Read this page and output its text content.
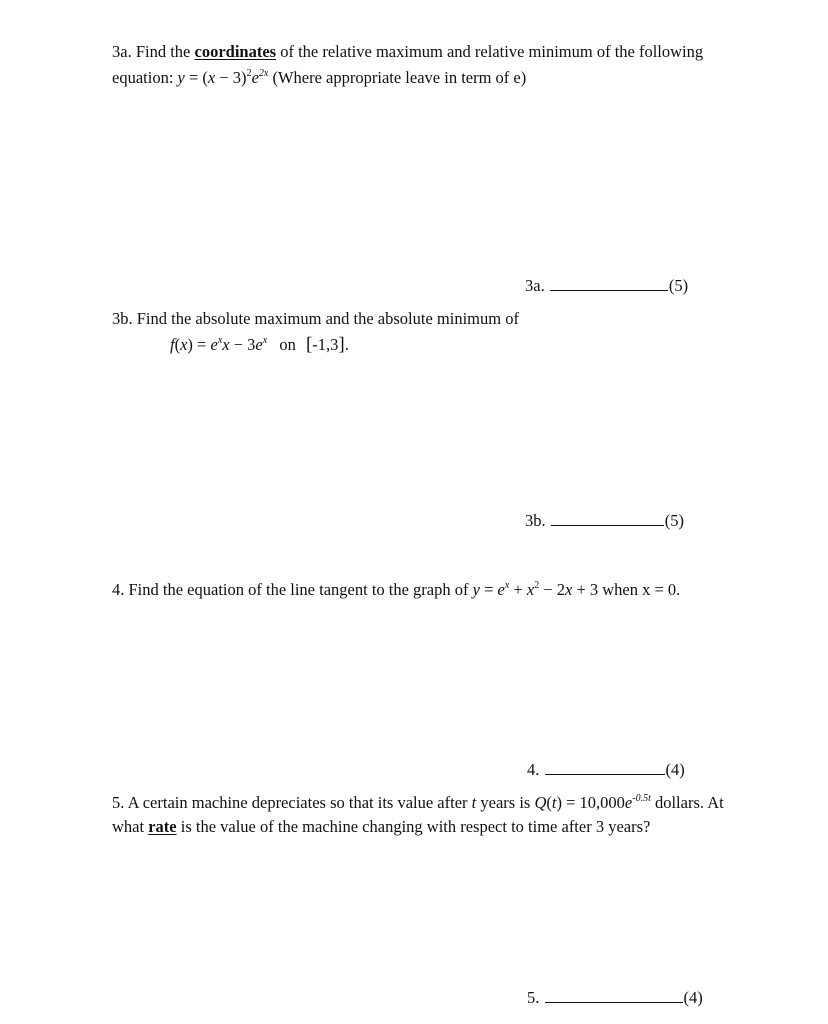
3a. Find the coordinates of the relative maximum and relative minimum of the following
equation: $y = (x - 3)^2e^{2x}$ (Where appropriate leave in term of e)
3a.	(5)
3b. Find the absolute maximum and the absolute minimum of
$f(x) = e^xx - 3e^x$ on [-1,3].
3b.	(5)
4. Find the equation of the line tangent to the graph of $y = e^x + x^2 - 2x + 3$ when x = 0.
4.	(4)
5. A certain machine depreciates so that its value after t years is $Q(t) = 10,000e^{-0.5t}$ dollars. At
what rate is the value of the machine changing with respect to time after 3 years?
5.	(4)
